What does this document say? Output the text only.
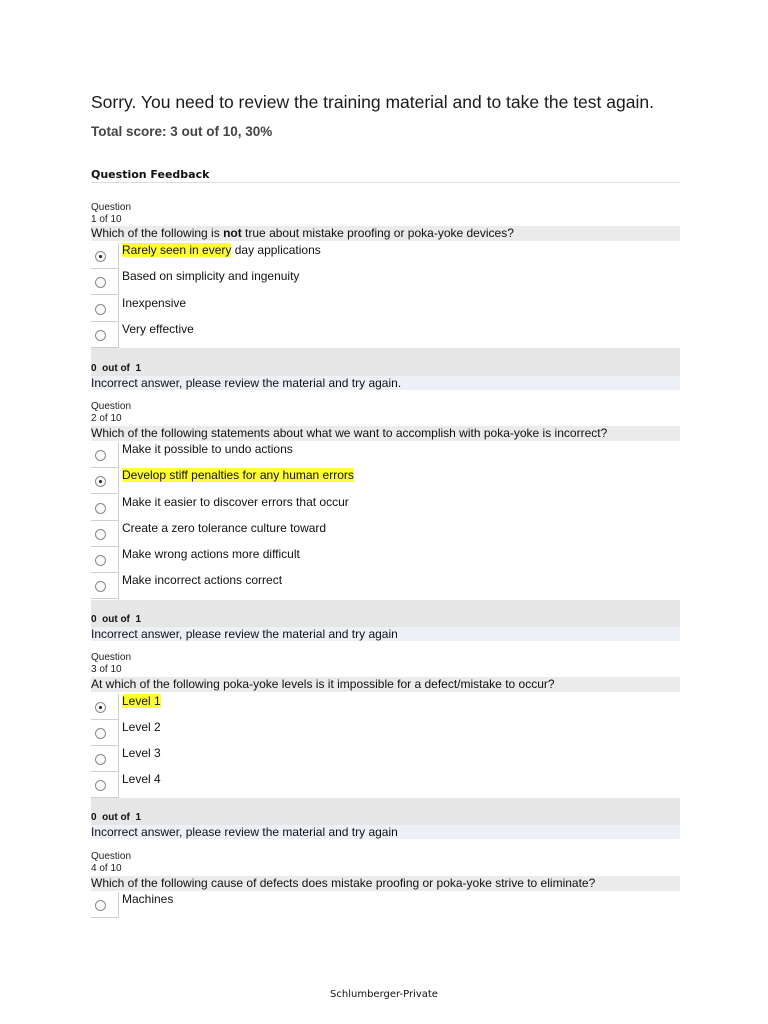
Sorry. You need to review the training material and to take the test again.
Total score: 3 out of 10, 30%
Question Feedback
Question
1 of 10
Which of the following is not true about mistake proofing or poka-yoke devices?
Rarely seen in every day applications
Based on simplicity and ingenuity
Inexpensive
Very effective
0  out of  1
Incorrect answer, please review the material and try again.
Question
2 of 10
Which of the following statements about what we want to accomplish with poka-yoke is incorrect?
Make it possible to undo actions
Develop stiff penalties for any human errors
Make it easier to discover errors that occur
Create a zero tolerance culture toward
Make wrong actions more difficult
Make incorrect actions correct
0  out of  1
Incorrect answer, please review the material and try again
Question
3 of 10
At which of the following poka-yoke levels is it impossible for a defect/mistake to occur?
Level 1
Level 2
Level 3
Level 4
0  out of  1
Incorrect answer, please review the material and try again
Question
4 of 10
Which of the following cause of defects does mistake proofing or poka-yoke strive to eliminate?
Machines
Schlumberger-Private
